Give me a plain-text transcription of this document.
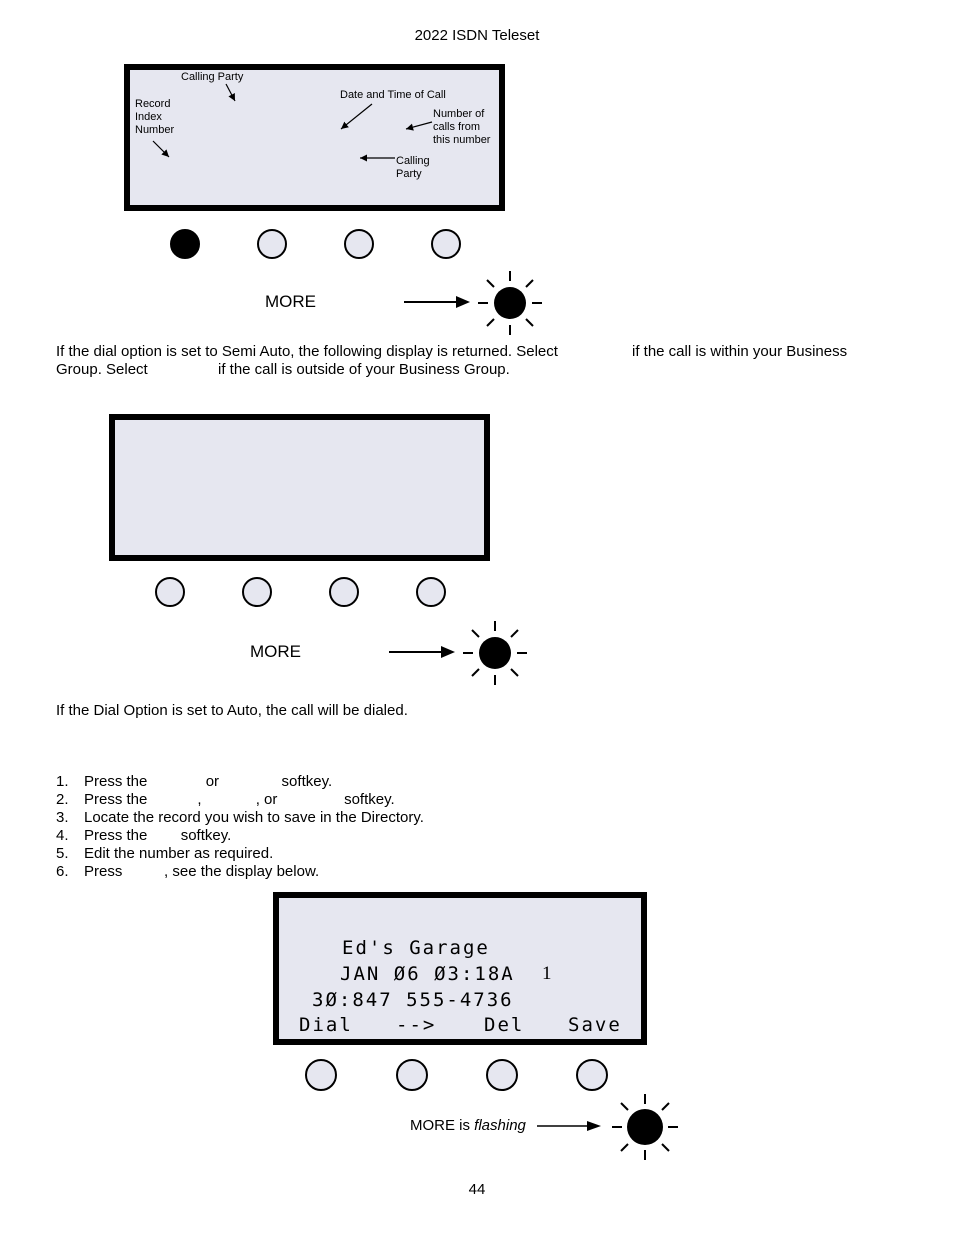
2022 ISDN Teleset
Calling Party
Record
Index
Number
Date and Time of Call
Number of
calls from
this number
Calling
Party
MORE
If the dial option is set to Semi Auto, the following display is returned. Select	if the call is within your Business
Group. Select	if the call is outside of your Business Group.
MORE
If the Dial Option is set to Auto, the call will be dialed.
1.	Press the              or               softkey.
2.	Press the            ,             , or                softkey.
3.	Locate the record you wish to save in the Directory.
4.	Press the        softkey.
5.	Edit the number as required.
6.	Press          , see the display below.
Ed's Garage
JAN Ø6 Ø3:18A 1
3Ø:847 555-4736
Dial -->	Del Save
MORE is flashing
44
